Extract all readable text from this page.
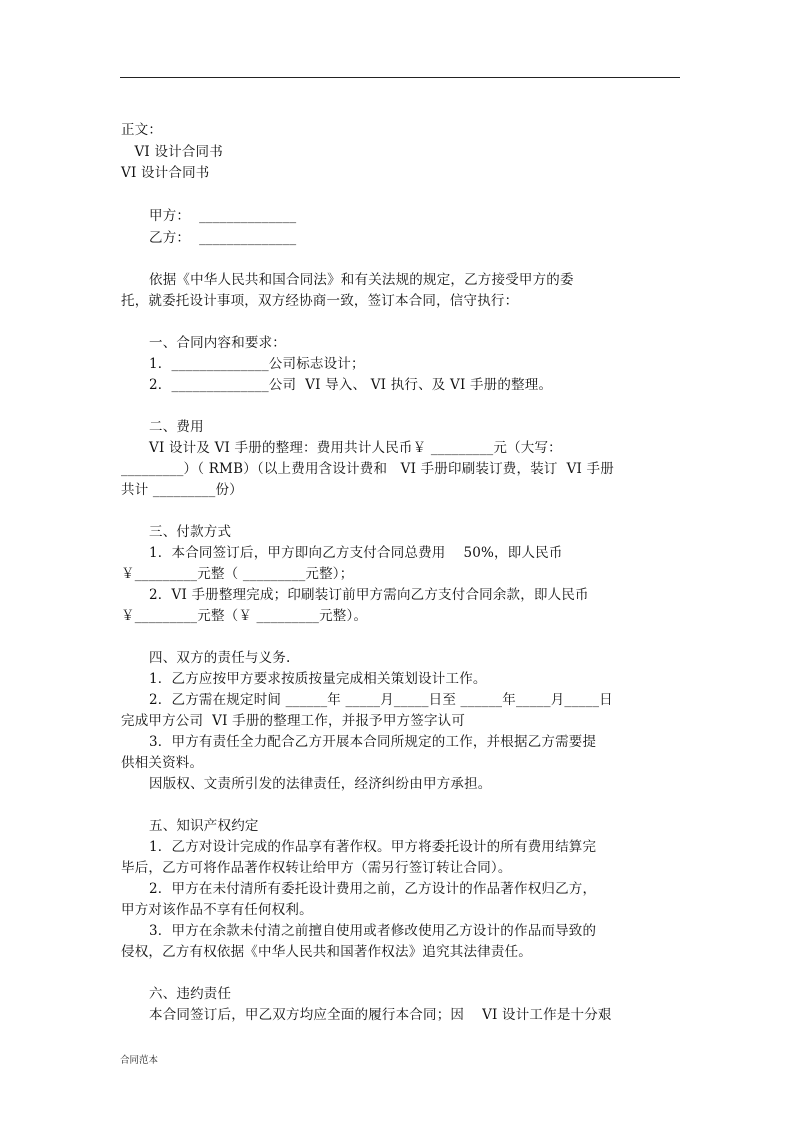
正文：
VI 设计合同书
VI 设计合同书
甲方：  ______________
乙方：  ______________
依据《中华人民共和国合同法》和有关法规的规定，乙方接受甲方的委
托，就委托设计事项，双方经协商一致，签订本合同，信守执行：
一、合同内容和要求：
1．______________公司标志设计；
2．______________公司  VI 导入、 VI 执行、及 VI 手册的整理。
二、费用
VI 设计及 VI 手册的整理：费用共计人民币￥ _________元（大写：
_________）（ RMB）（以上费用含设计费和   VI 手册印刷装订费，装订  VI 手册
共计 _________份）
三、付款方式
1．本合同签订后，甲方即向乙方支付合同总费用    50%，即人民币
￥_________元整（ _________元整）；
2．VI 手册整理完成；印刷装订前甲方需向乙方支付合同余款，即人民币
￥_________元整（￥ _________元整）。
四、双方的责任与义务.
1．乙方应按甲方要求按质按量完成相关策划设计工作。
2．乙方需在规定时间 ______年 _____月_____日至 ______年_____月_____日
完成甲方公司  VI 手册的整理工作，并报予甲方签字认可
3．甲方有责任全力配合乙方开展本合同所规定的工作，并根据乙方需要提
供相关资料。
因版权、文责所引发的法律责任，经济纠纷由甲方承担。
五、知识产权约定
1．乙方对设计完成的作品享有著作权。甲方将委托设计的所有费用结算完
毕后，乙方可将作品著作权转让给甲方（需另行签订转让合同）。
2．甲方在未付清所有委托设计费用之前，乙方设计的作品著作权归乙方，
甲方对该作品不享有任何权利。
3．甲方在余款未付清之前擅自使用或者修改使用乙方设计的作品而导致的
侵权，乙方有权依据《中华人民共和国著作权法》追究其法律责任。
六、违约责任
本合同签订后，甲乙双方均应全面的履行本合同；因    VI 设计工作是十分艰
合同范本
